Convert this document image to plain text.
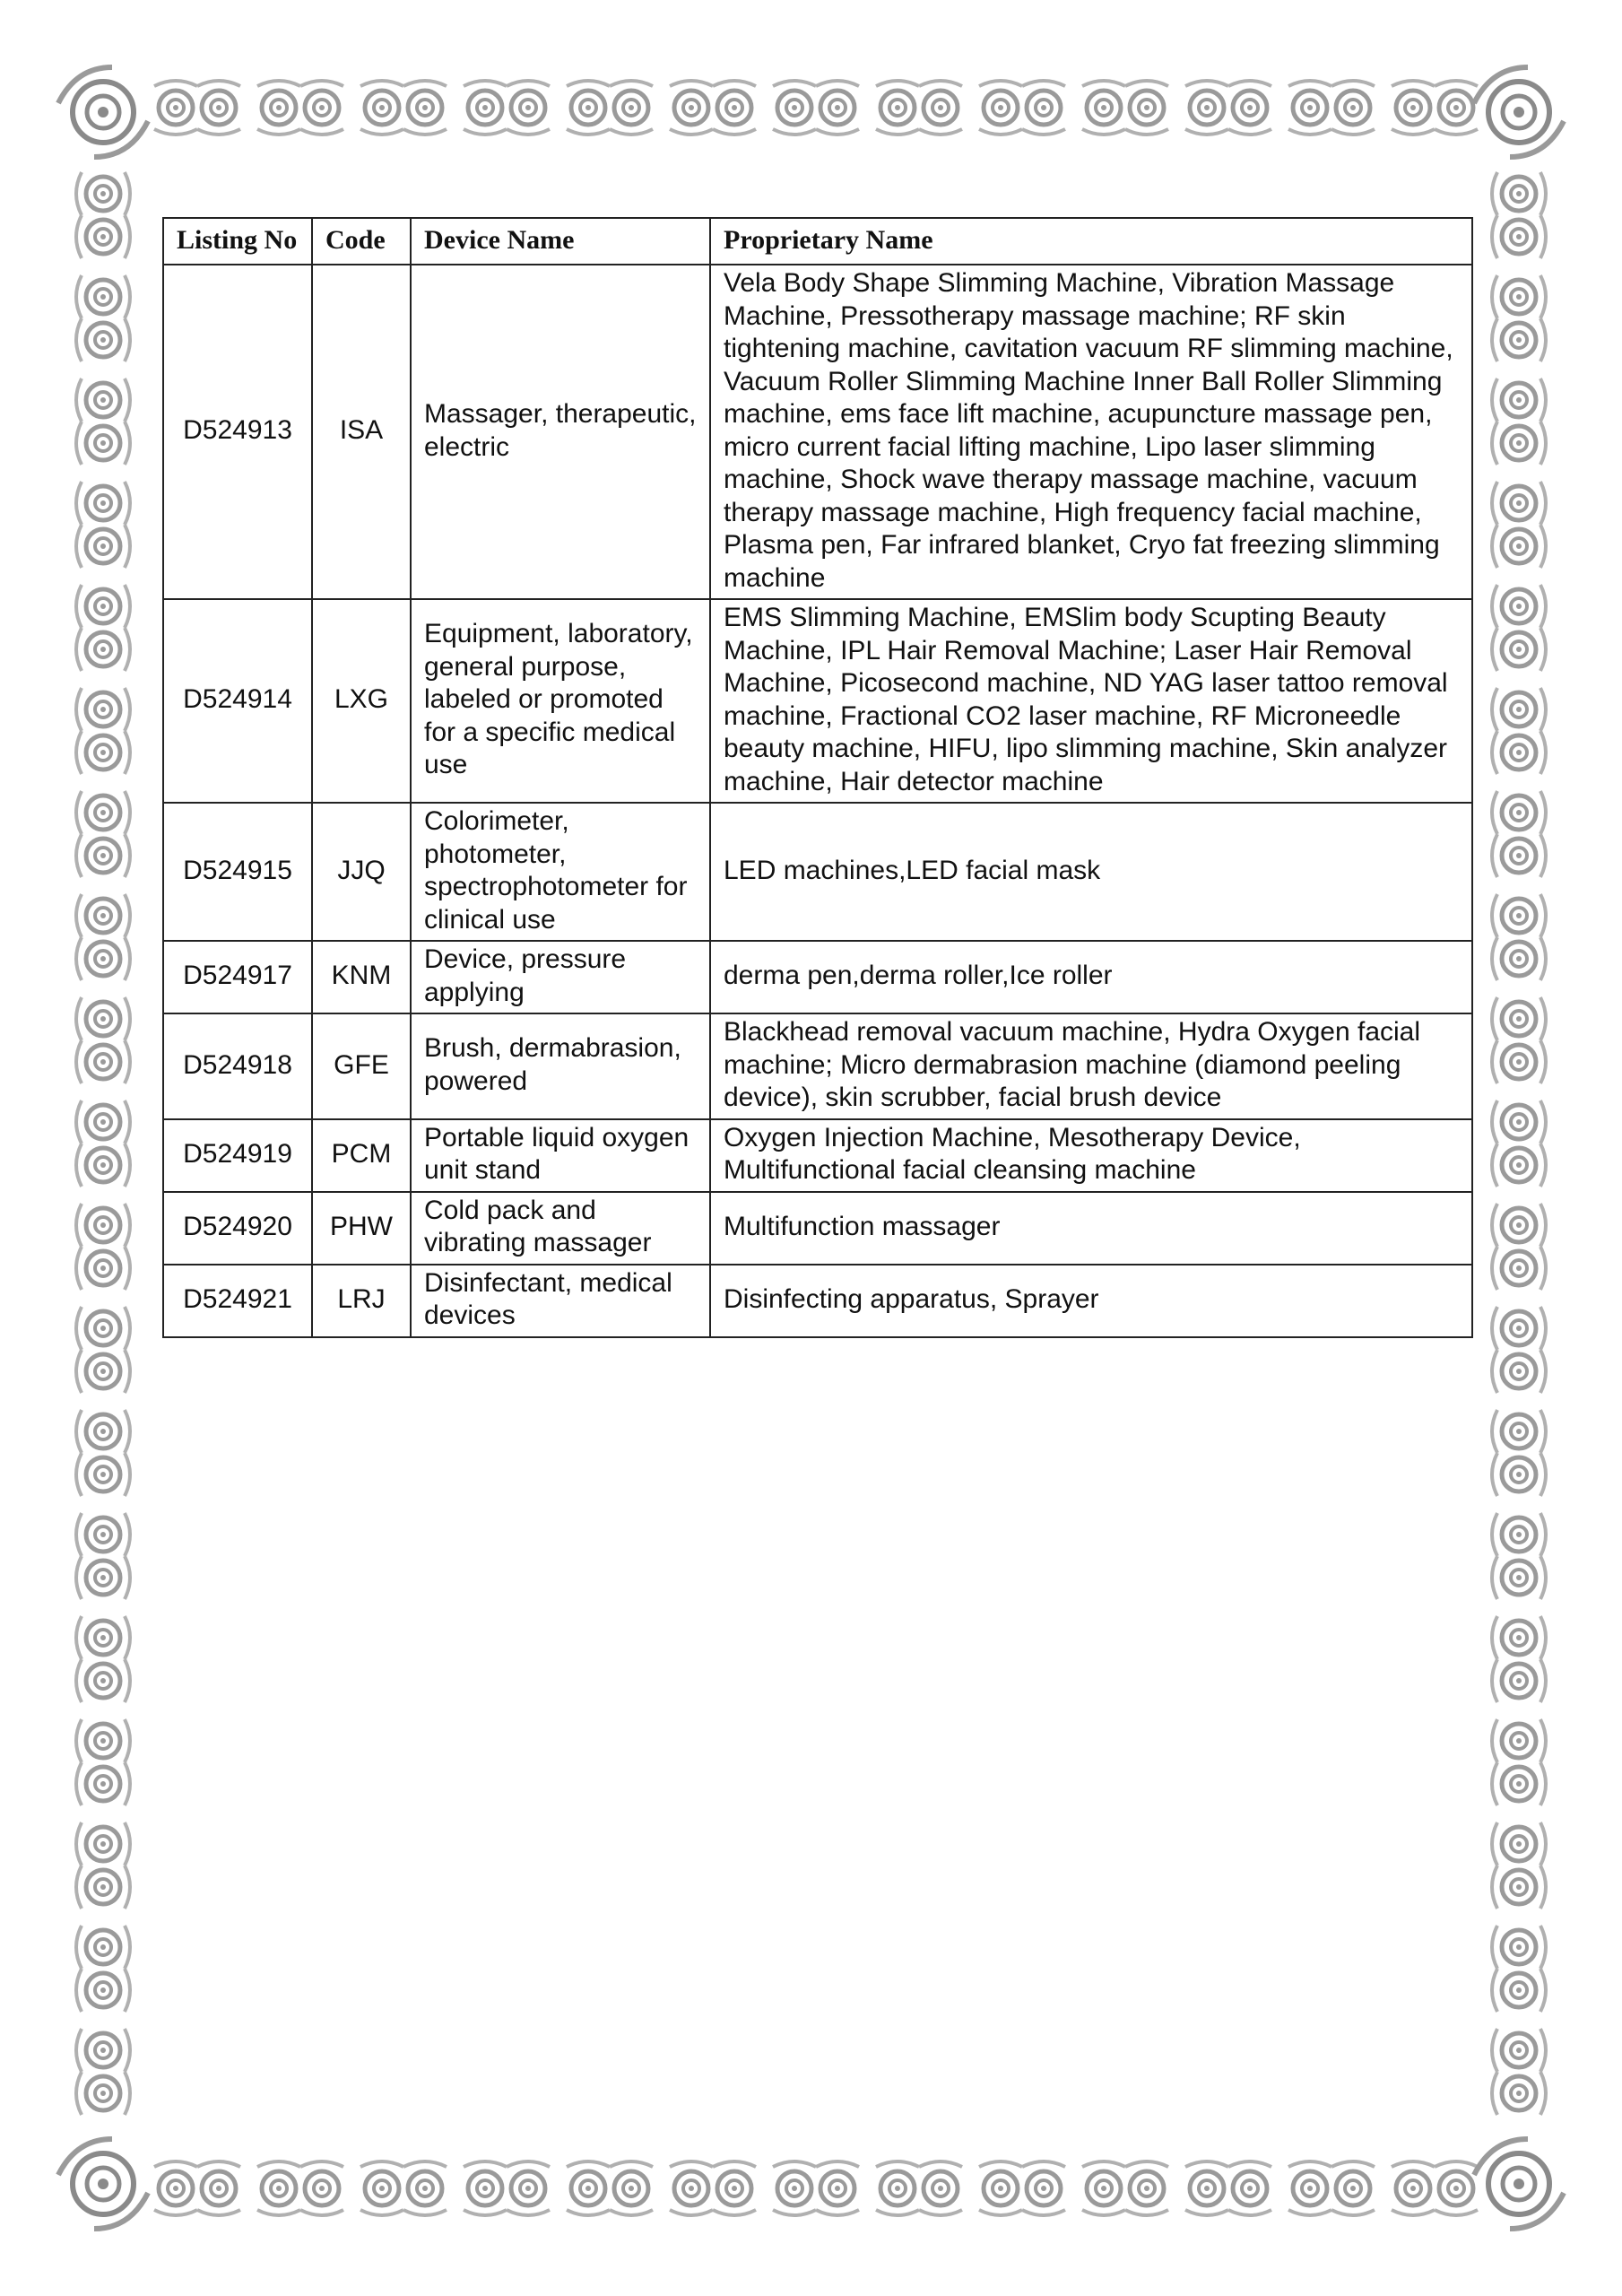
Listing No	Code	Device Name	Proprietary Name
D524913	ISA	Massager, therapeutic, electric	Vela Body Shape Slimming Machine, Vibration Massage Machine, Pressotherapy massage machine; RF skin tightening machine, cavitation vacuum RF slimming machine, Vacuum Roller Slimming Machine Inner Ball Roller Slimming machine, ems face lift machine, acupuncture massage pen, micro current facial lifting machine, Lipo laser slimming machine, Shock wave therapy massage machine, vacuum therapy massage machine, High frequency facial machine, Plasma pen, Far infrared blanket, Cryo fat freezing slimming machine
D524914	LXG	Equipment, laboratory, general purpose, labeled or promoted for a specific medical use	EMS Slimming Machine, EMSlim body Scupting Beauty Machine, IPL Hair Removal Machine; Laser Hair Removal Machine, Picosecond machine, ND YAG laser tattoo removal machine, Fractional CO2 laser machine, RF Microneedle beauty machine, HIFU, lipo slimming machine, Skin analyzer machine, Hair detector machine
D524915	JJQ	Colorimeter, photometer, spectrophotometer for clinical use	LED machines,LED facial mask
D524917	KNM	Device, pressure applying	derma pen,derma roller,Ice roller
D524918	GFE	Brush, dermabrasion, powered	Blackhead removal vacuum machine, Hydra Oxygen facial machine; Micro dermabrasion machine (diamond peeling device), skin scrubber, facial brush device
D524919	PCM	Portable liquid oxygen unit stand	Oxygen Injection Machine, Mesotherapy Device, Multifunctional facial cleansing machine
D524920	PHW	Cold pack and vibrating massager	Multifunction massager
D524921	LRJ	Disinfectant, medical devices	Disinfecting apparatus, Sprayer
